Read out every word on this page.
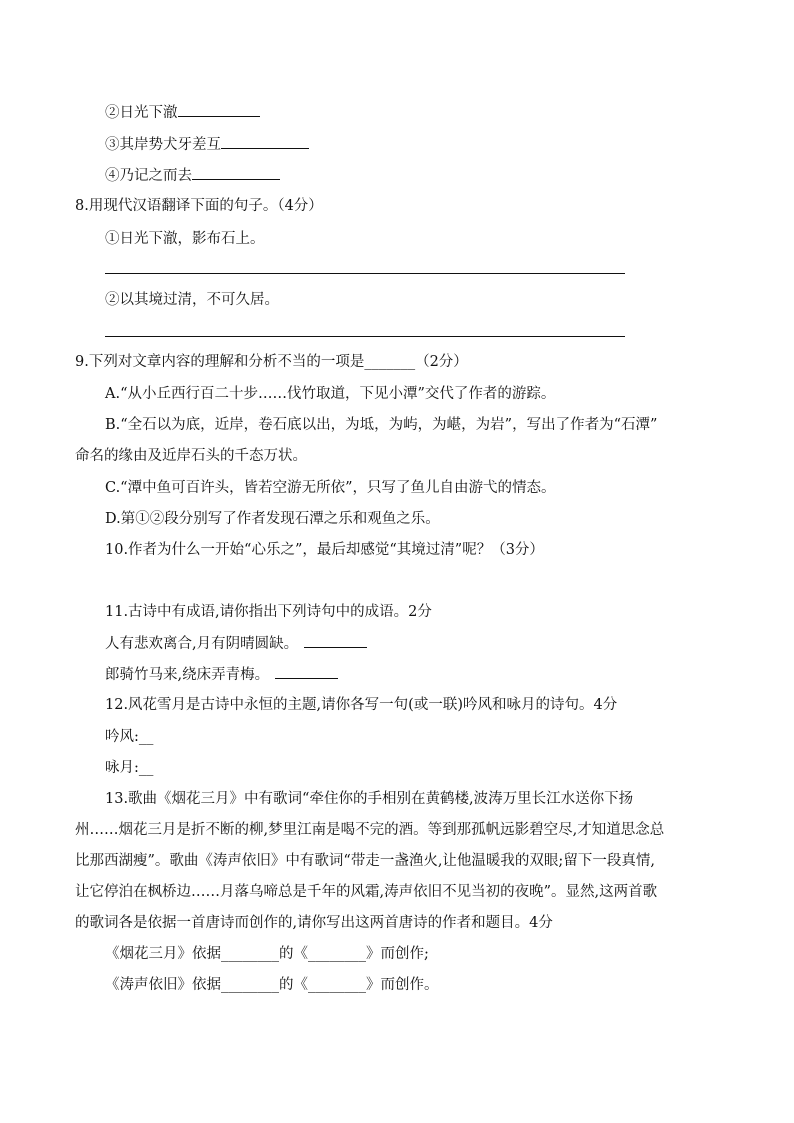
②日光下澈
③其岸势犬牙差互
④乃记之而去
8.用现代汉语翻译下面的句子。（4分）
①日光下澈，影布石上。
②以其境过清，不可久居。
9.下列对文章内容的理解和分析不当的一项是_______（2分）
A.“从小丘西行百二十步……伐竹取道，下见小潭”交代了作者的游踪。
B.“全石以为底，近岸，卷石底以出，为坻，为屿，为嵁，为岩”，写出了作者为“石潭”
命名的缘由及近岸石头的千态万状。
C.“潭中鱼可百许头，皆若空游无所依”，只写了鱼儿自由游弋的情态。
D.第①②段分别写了作者发现石潭之乐和观鱼之乐。
10.作者为什么一开始“心乐之”，最后却感觉“其境过清”呢？（3分）
11.古诗中有成语,请你指出下列诗句中的成语。2分
人有悲欢离合,月有阴晴圆缺。
郎骑竹马来,绕床弄青梅。
12.风花雪月是古诗中永恒的主题,请你各写一句(或一联)吟风和咏月的诗句。4分
吟风:__
咏月:__
13.歌曲《烟花三月》中有歌词“牵住你的手相别在黄鹤楼,波涛万里长江水送你下扬
州……烟花三月是折不断的柳,梦里江南是喝不完的酒。等到那孤帆远影碧空尽,才知道思念总
比那西湖瘦”。歌曲《涛声依旧》中有歌词“带走一盏渔火,让他温暖我的双眼;留下一段真情,
让它停泊在枫桥边……月落乌啼总是千年的风霜,涛声依旧不见当初的夜晚”。显然,这两首歌
的歌词各是依据一首唐诗而创作的,请你写出这两首唐诗的作者和题目。4分
《烟花三月》依据________的《________》而创作;
《涛声依旧》依据________的《________》而创作。
